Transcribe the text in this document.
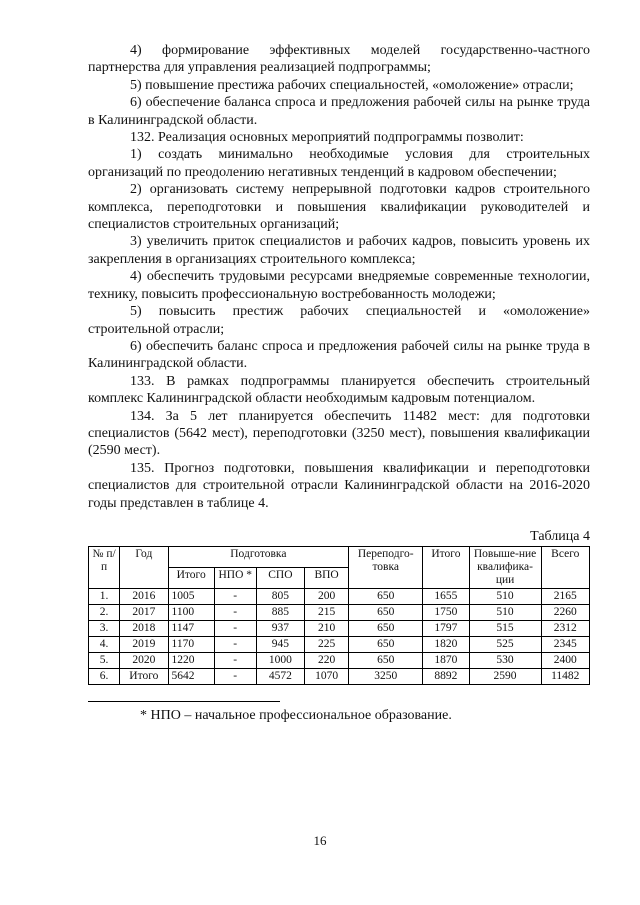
4) формирование эффективных моделей государственно-частного партнерства для управления реализацией подпрограммы;

5) повышение престижа рабочих специальностей, «омоложение» отрасли;

6) обеспечение баланса спроса и предложения рабочей силы на рынке труда в Калининградской области.

132. Реализация основных мероприятий подпрограммы позволит:

1) создать минимально необходимые условия для строительных организаций по преодолению негативных тенденций в кадровом обеспечении;

2) организовать систему непрерывной подготовки кадров строительного комплекса, переподготовки и повышения квалификации руководителей и специалистов строительных организаций;

3) увеличить приток специалистов и рабочих кадров, повысить уровень их закрепления в организациях строительного комплекса;

4) обеспечить трудовыми ресурсами внедряемые современные технологии, технику, повысить профессиональную востребованность молодежи;

5) повысить престиж рабочих специальностей и «омоложение» строительной отрасли;

6) обеспечить баланс спроса и предложения рабочей силы на рынке труда в Калининградской области.

133. В рамках подпрограммы планируется обеспечить строительный комплекс Калининградской области необходимым кадровым потенциалом.

134. За 5 лет планируется обеспечить 11482 мест: для подготовки специалистов (5642 мест), переподготовки (3250 мест), повышения квалификации (2590 мест).

135. Прогноз подготовки, повышения квалификации и переподготовки специалистов для строительной отрасли Калининградской области на 2016-2020 годы представлен в таблице 4.

Таблица 4
№ п/п	Год	Подготовка				Переподго-товка	Итого	Повыше-ние квалифика-ции	Всего
		Итого	НПО *	СПО	ВПО				
1.	2016	1005	-	805	200	650	1655	510	2165
2.	2017	1100	-	885	215	650	1750	510	2260
3.	2018	1147	-	937	210	650	1797	515	2312
4.	2019	1170	-	945	225	650	1820	525	2345
5.	2020	1220	-	1000	220	650	1870	530	2400
6.	Итого	5642	-	4572	1070	3250	8892	2590	11482
* НПО – начальное профессиональное образование.
16
